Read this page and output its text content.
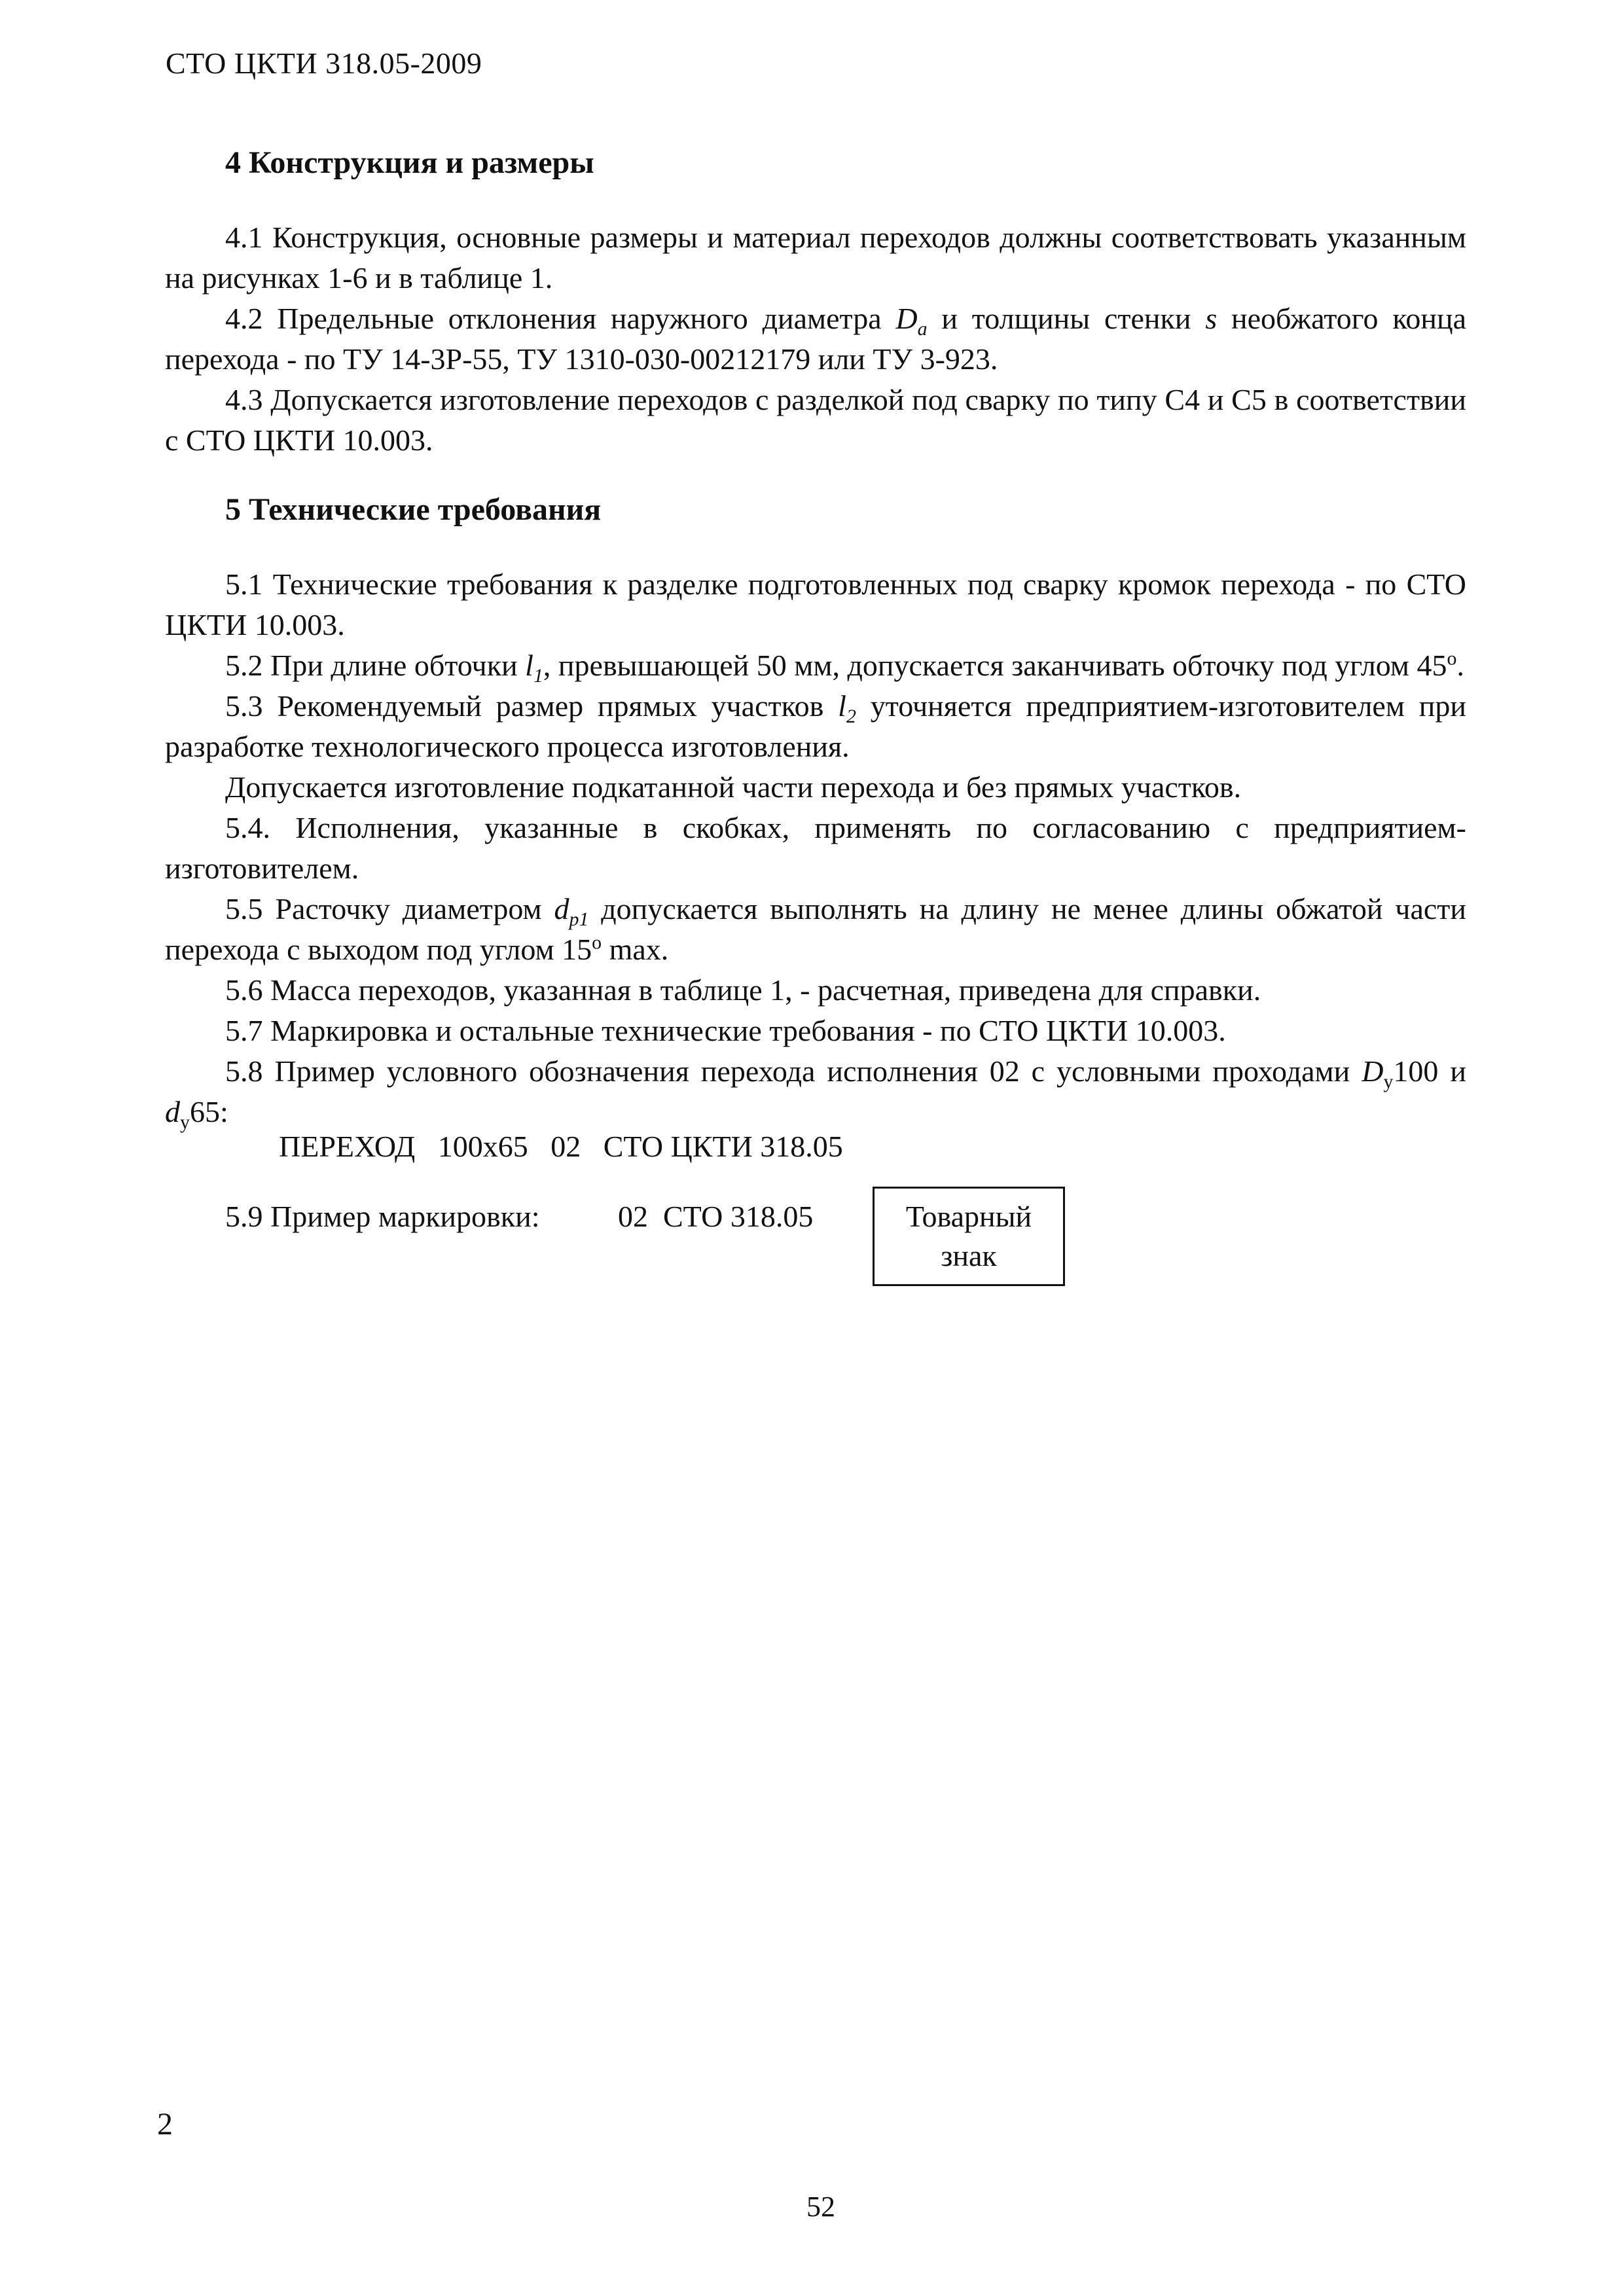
СТО ЦКТИ 318.05-2009

4 Конструкция и размеры

4.1 Конструкция, основные размеры и материал переходов должны соответствовать указанным на рисунках 1-6 и в таблице 1.

4.2 Предельные отклонения наружного диаметра $D_a$ и толщины стенки s необжатого конца перехода - по ТУ 14-3Р-55, ТУ 1310-030-00212179 или ТУ 3-923.

4.3 Допускается изготовление переходов с разделкой под сварку по типу С4 и С5 в соответствии с СТО ЦКТИ 10.003.

5 Технические требования

5.1 Технические требования к разделке подготовленных под сварку кромок перехода - по СТО ЦКТИ 10.003.

5.2 При длине обточки $l_1$, превышающей 50 мм, допускается заканчивать обточку под углом $45^о$.

5.3 Рекомендуемый размер прямых участков $l_2$ уточняется предприятием-изготовителем при разработке технологического процесса изготовления.

Допускается изготовление подкатанной части перехода и без прямых участков.

5.4. Исполнения, указанные в скобках, применять по согласованию с предприятием-изготовителем.

5.5 Расточку диаметром $d_{p1}$ допускается выполнять на длину не менее длины обжатой части перехода с выходом под углом $15^о$ max.

5.6 Масса переходов, указанная в таблице 1, - расчетная, приведена для справки.

5.7 Маркировка и остальные технические требования - по СТО ЦКТИ 10.003.

5.8 Пример условного обозначения перехода исполнения 02 с условными проходами $D_у100$ и $d_у65$:

ПЕРЕХОД   100х65   02   СТО ЦКТИ 318.05
5.9 Пример маркировки:	02  СТО 318.05	Товарный
знак
2
52
